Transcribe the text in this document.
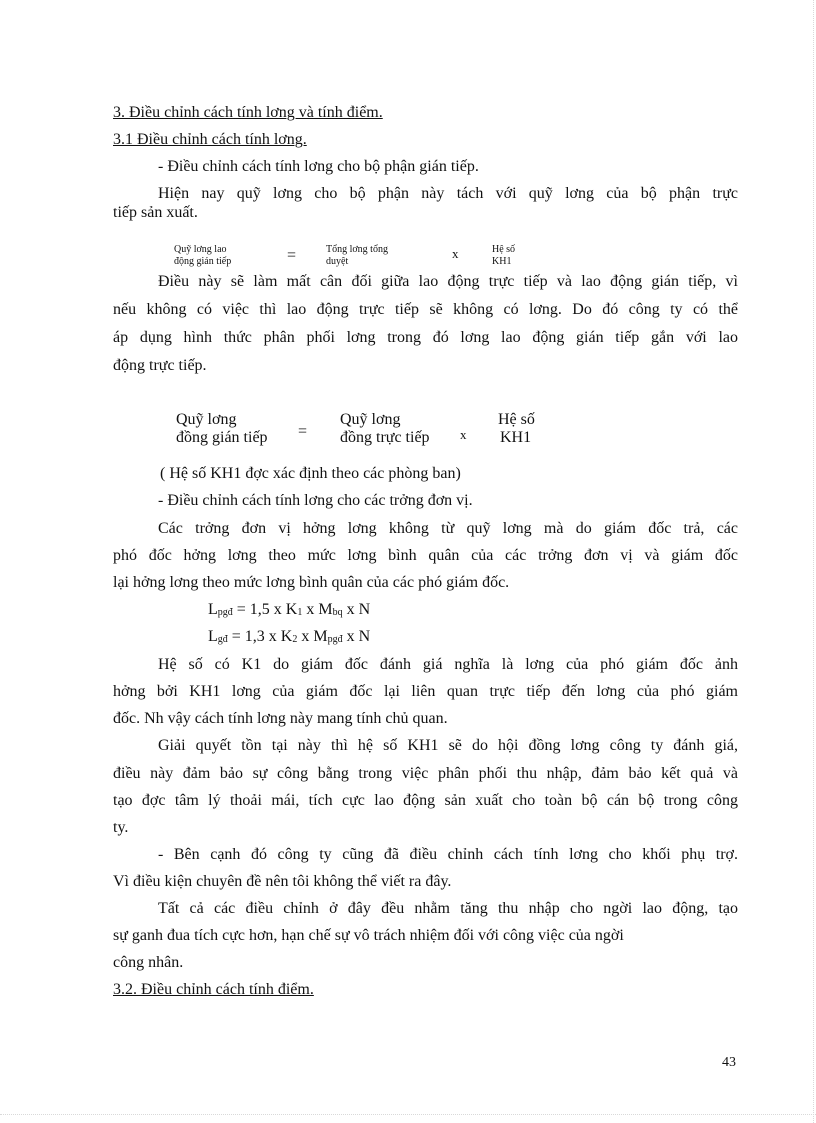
3. Điều chỉnh cách tính lơng và tính điểm.
3.1 Điều chỉnh cách tính lơng.
- Điều chỉnh cách tính lơng cho bộ phận gián tiếp.
Hiện nay quỹ lơng cho bộ phận này tách với quỹ lơng của bộ phận trực
tiếp sản xuất.
Quỹ lơng lao
động gián tiếp	=	Tổng lơng tổng
duyệt
x	Hệ số
KH1
Điều này sẽ làm mất cân đối giữa lao động trực tiếp và lao động gián tiếp, vì
nếu không có việc thì lao động trực tiếp sẽ không có lơng. Do đó công ty có thể
áp dụng hình thức phân phối lơng trong đó lơng lao động gián tiếp gắn với lao
động trực tiếp.
Quỹ lơng
đồng gián tiếp =
Quỹ lơng
đồng trực tiếp x
Hệ số
KH1
( Hệ số KH1 đợc xác định theo các phòng ban)
- Điều chỉnh cách tính lơng cho các trởng đơn vị.
Các trởng đơn vị hởng lơng không từ quỹ lơng mà do giám đốc trả, các
phó đốc hởng lơng theo mức lơng bình quân của các trởng đơn vị và giám đốc
lại hởng lơng theo mức lơng bình quân của các phó giám đốc.
Lpgđ = 1,5 x K1 x Mbq x N
Lgđ = 1,3 x K2 x Mpgđ x N
Hệ số có K1 do giám đốc đánh giá nghĩa là lơng của phó giám đốc ảnh
hởng bởi KH1 lơng của giám đốc lại liên quan trực tiếp đến lơng của phó giám
đốc. Nh vậy cách tính lơng này mang tính chủ quan.
Giải quyết tồn tại này thì hệ số KH1 sẽ do hội đồng lơng công ty đánh giá,
điều này đảm bảo sự công bằng trong việc phân phối thu nhập, đảm bảo kết quả và
tạo đợc tâm lý thoải mái, tích cực lao động sản xuất cho toàn bộ cán bộ trong công
ty.
- Bên cạnh đó công ty cũng đã điều chỉnh cách tính lơng cho khối phụ trợ.
Vì điều kiện chuyên đề nên tôi không thể viết ra đây.
Tất cả các điều chỉnh ở đây đều nhằm tăng thu nhập cho ngời lao động, tạo
sự ganh đua tích cực hơn, hạn chế sự vô trách nhiệm đối với công việc của ngời
công nhân.
3.2. Điều chỉnh cách tính điểm.
43
